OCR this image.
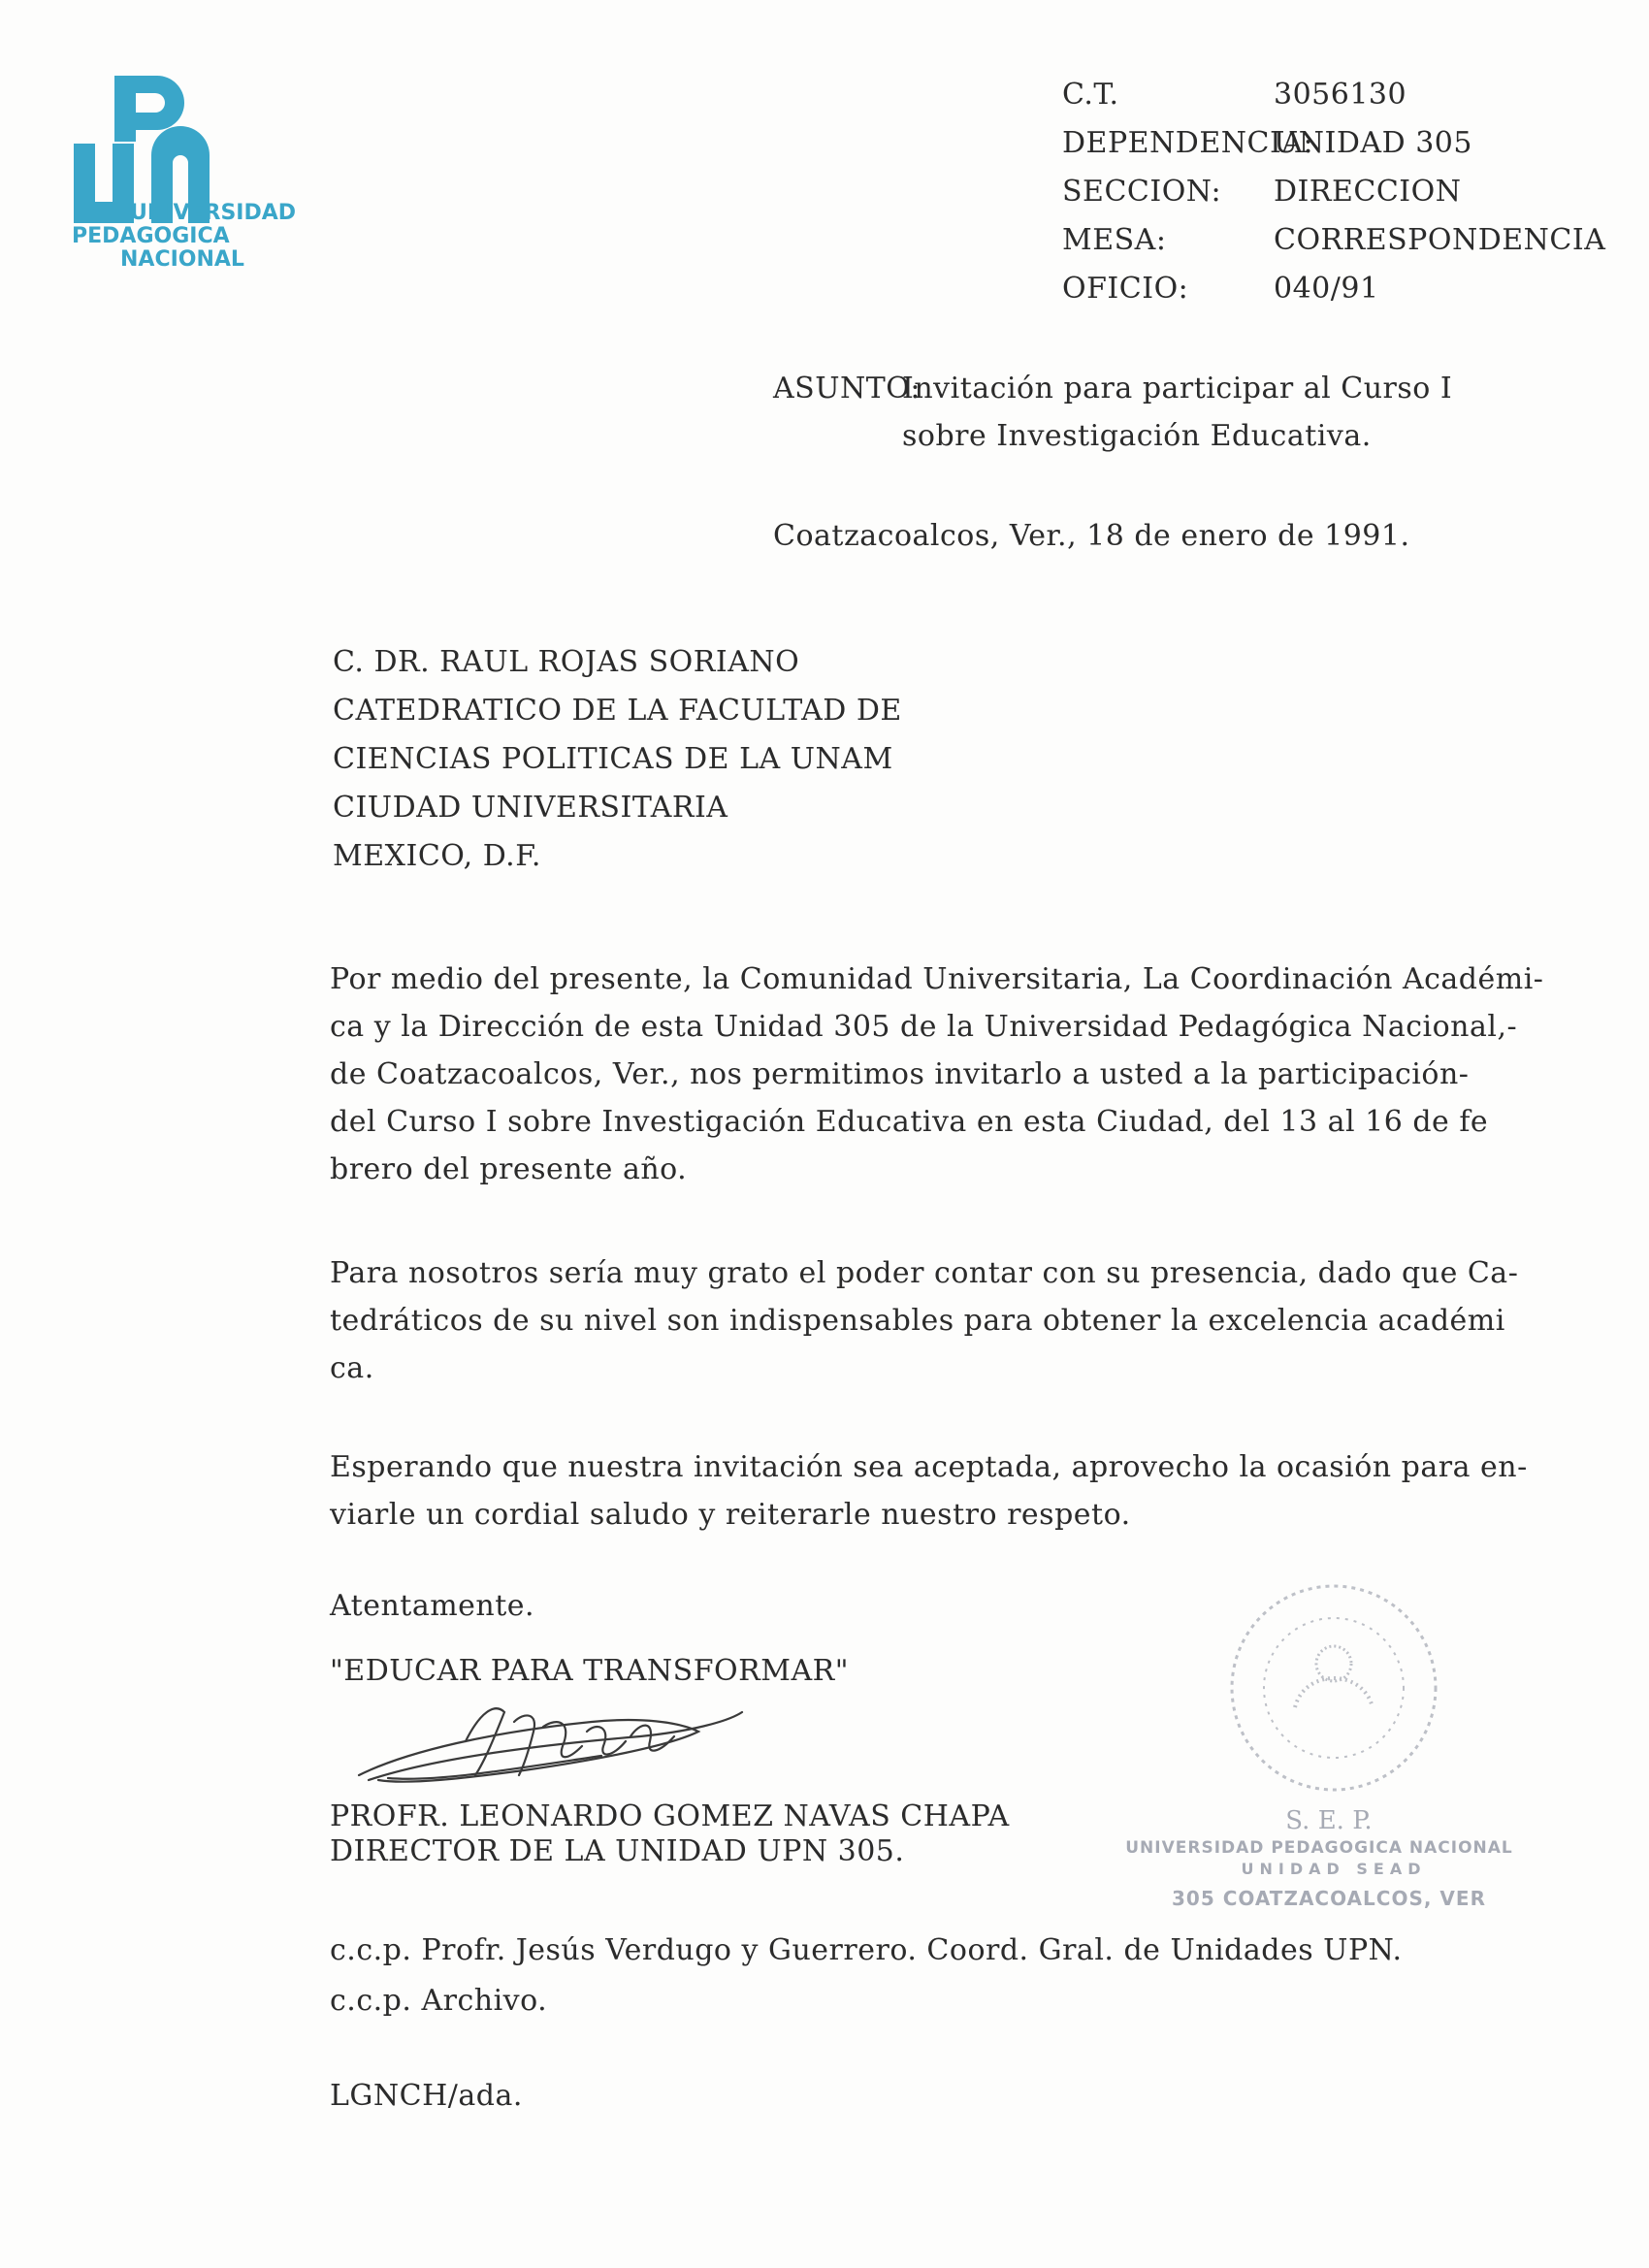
UNIVERSIDAD
PEDAGOGICA
NACIONAL
C.T.	3056130
DEPENDENCIA:
UNIDAD 305
SECCION: DIRECCION
MESA:	CORRESPONDENCIA
OFICIO:	040/91
ASUNTO:
Invitación para participar al Curso I
sobre Investigación Educativa.
Coatzacoalcos, Ver., 18 de enero de 1991.
C. DR. RAUL ROJAS SORIANO
CATEDRATICO DE LA FACULTAD DE
CIENCIAS POLITICAS DE LA UNAM
CIUDAD UNIVERSITARIA
MEXICO, D.F.
Por medio del presente, la Comunidad Universitaria, La Coordinación Académi-
ca y la Dirección de esta Unidad 305 de la Universidad Pedagógica Nacional,-
de Coatzacoalcos, Ver., nos permitimos invitarlo a usted a la participación-
del Curso I sobre Investigación Educativa en esta Ciudad, del 13 al 16 de fe
brero del presente año.
Para nosotros sería muy grato el poder contar con su presencia, dado que Ca-
tedráticos de su nivel son indispensables para obtener la excelencia académi
ca.
Esperando que nuestra invitación sea aceptada, aprovecho la ocasión para en-
viarle un cordial saludo y reiterarle nuestro respeto.
Atentamente.
"EDUCAR PARA TRANSFORMAR"
PROFR. LEONARDO GOMEZ NAVAS CHAPA
DIRECTOR DE LA UNIDAD UPN 305.
S. E. P.
UNIVERSIDAD PEDAGOGICA NACIONAL
UNIDAD SEAD
305 COATZACOALCOS, VER
c.c.p. Profr. Jesús Verdugo y Guerrero. Coord. Gral. de Unidades UPN.
c.c.p. Archivo.
LGNCH/ada.
